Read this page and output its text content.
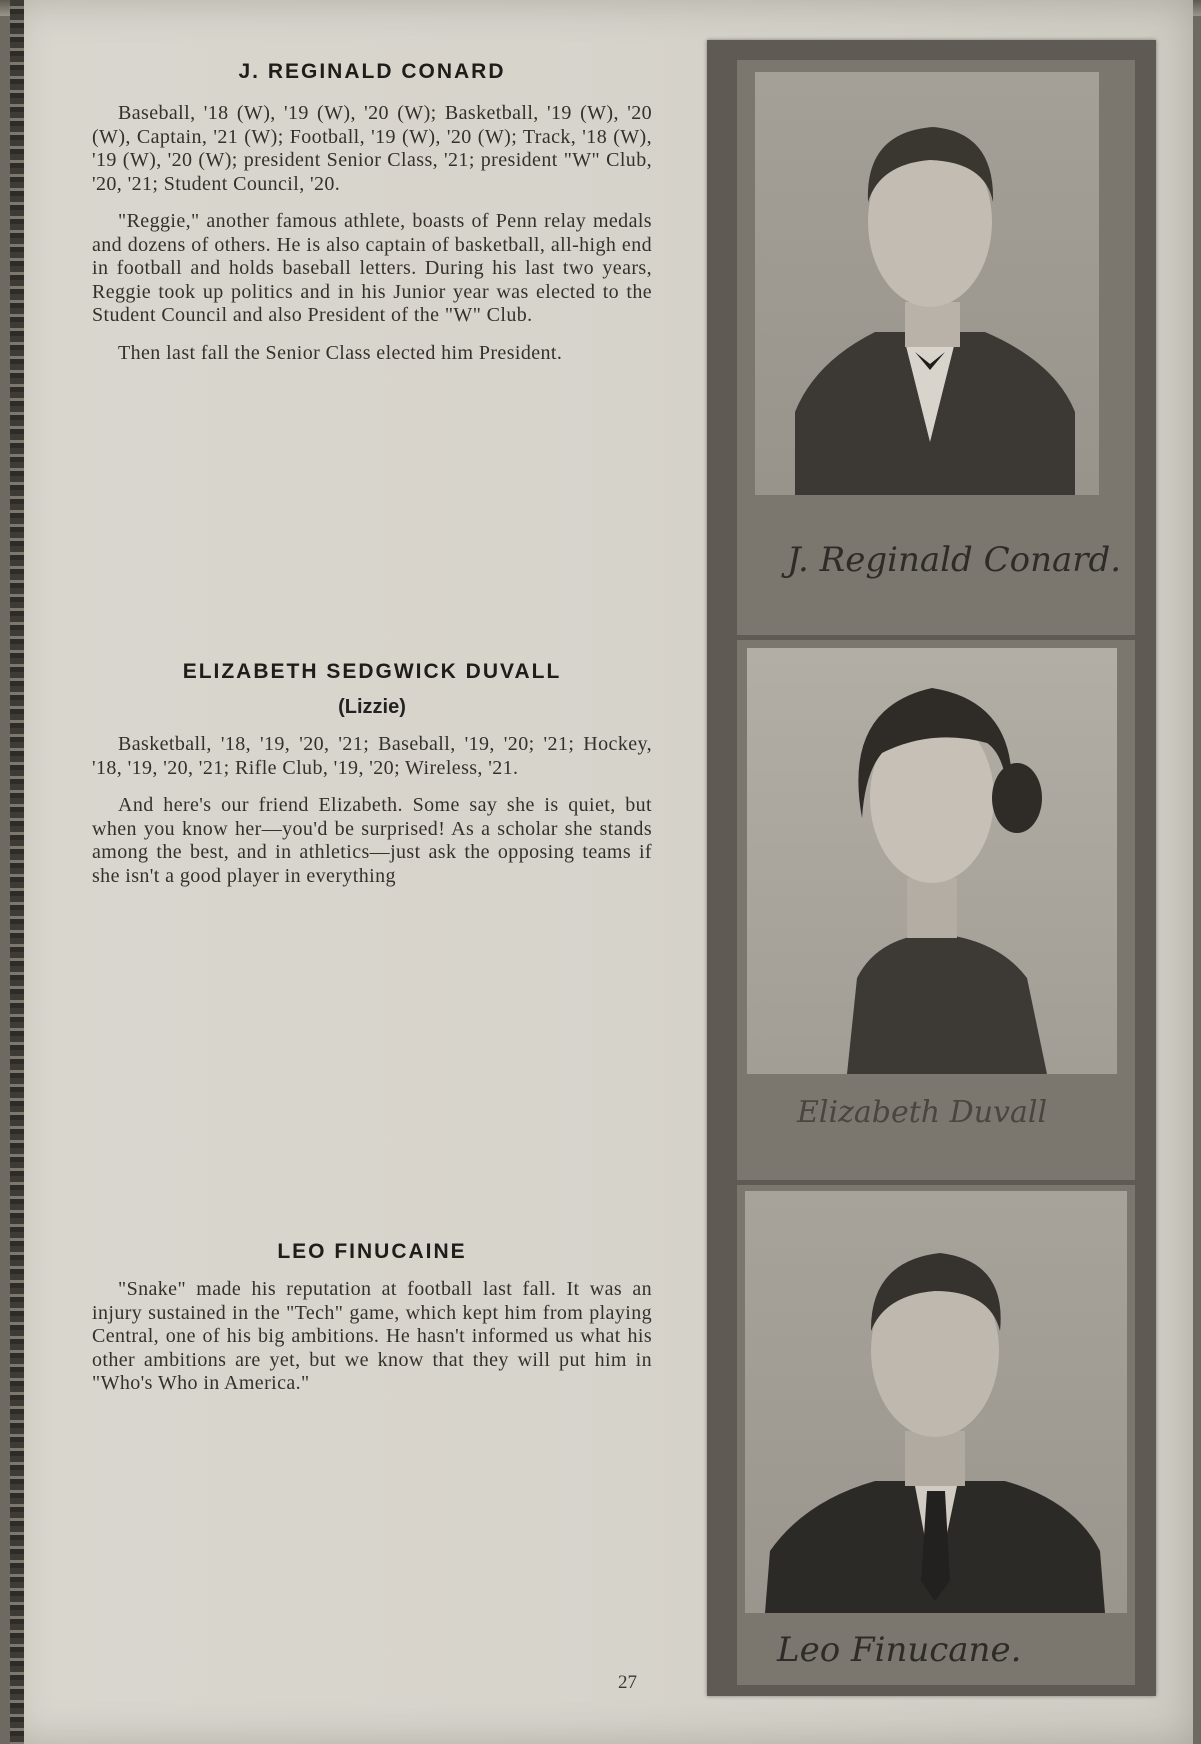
J. REGINALD CONARD

Baseball, '18 (W), '19 (W), '20 (W); Basketball, '19 (W), '20 (W), Captain, '21 (W); Football, '19 (W), '20 (W); Track, '18 (W), '19 (W), '20 (W); president Senior Class, '21; president "W" Club, '20, '21; Student Council, '20.

"Reggie," another famous athlete, boasts of Penn relay medals and dozens of others. He is also captain of basketball, all-high end in football and holds baseball letters. During his last two years, Reggie took up politics and in his Junior year was elected to the Student Council and also President of the "W" Club.

Then last fall the Senior Class elected him President.

ELIZABETH SEDGWICK DUVALL

(Lizzie)

Basketball, '18, '19, '20, '21; Baseball, '19, '20; '21; Hockey, '18, '19, '20, '21; Rifle Club, '19, '20; Wireless, '21.

And here's our friend Elizabeth. Some say she is quiet, but when you know her—you'd be surprised! As a scholar she stands among the best, and in athletics—just ask the opposing teams if she isn't a good player in everything

LEO FINUCAINE

"Snake" made his reputation at football last fall. It was an injury sustained in the "Tech" game, which kept him from playing Central, one of his big ambitions. He hasn't informed us what his other ambitions are yet, but we know that they will put him in "Who's Who in America."

27
J. Reginald Conard.
Elizabeth Duvall
Leo Finucane.
